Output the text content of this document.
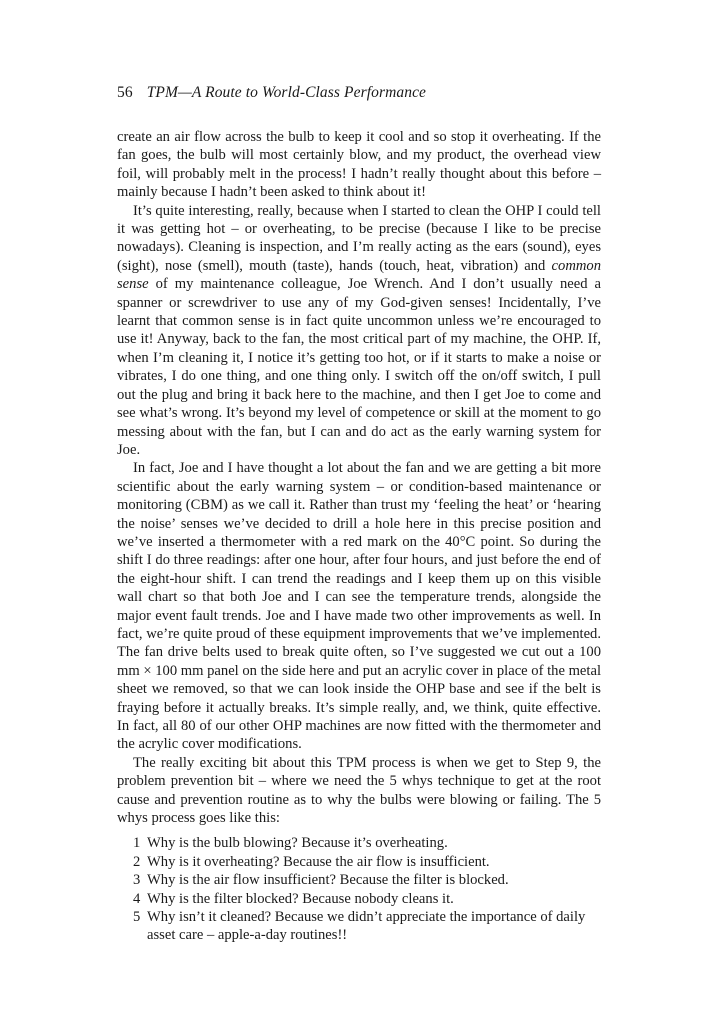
56 TPM—A Route to World-Class Performance

create an air flow across the bulb to keep it cool and so stop it overheating. If the fan goes, the bulb will most certainly blow, and my product, the overhead view foil, will probably melt in the process! I hadn’t really thought about this before – mainly because I hadn’t been asked to think about it!

It’s quite interesting, really, because when I started to clean the OHP I could tell it was getting hot – or overheating, to be precise (because I like to be precise nowadays). Cleaning is inspection, and I’m really acting as the ears (sound), eyes (sight), nose (smell), mouth (taste), hands (touch, heat, vibration) and common sense of my maintenance colleague, Joe Wrench. And I don’t usually need a spanner or screwdriver to use any of my God-given senses! Incidentally, I’ve learnt that common sense is in fact quite uncommon unless we’re encouraged to use it! Anyway, back to the fan, the most critical part of my machine, the OHP. If, when I’m cleaning it, I notice it’s getting too hot, or if it starts to make a noise or vibrates, I do one thing, and one thing only. I switch off the on/off switch, I pull out the plug and bring it back here to the machine, and then I get Joe to come and see what’s wrong. It’s beyond my level of competence or skill at the moment to go messing about with the fan, but I can and do act as the early warning system for Joe.

In fact, Joe and I have thought a lot about the fan and we are getting a bit more scientific about the early warning system – or condition-based maintenance or monitoring (CBM) as we call it. Rather than trust my ‘feeling the heat’ or ‘hearing the noise’ senses we’ve decided to drill a hole here in this precise position and we’ve inserted a thermometer with a red mark on the 40°C point. So during the shift I do three readings: after one hour, after four hours, and just before the end of the eight-hour shift. I can trend the readings and I keep them up on this visible wall chart so that both Joe and I can see the temperature trends, alongside the major event fault trends. Joe and I have made two other improvements as well. In fact, we’re quite proud of these equipment improvements that we’ve implemented. The fan drive belts used to break quite often, so I’ve suggested we cut out a 100 mm × 100 mm panel on the side here and put an acrylic cover in place of the metal sheet we removed, so that we can look inside the OHP base and see if the belt is fraying before it actually breaks. It’s simple really, and, we think, quite effective. In fact, all 80 of our other OHP machines are now fitted with the thermometer and the acrylic cover modifications.

The really exciting bit about this TPM process is when we get to Step 9, the problem prevention bit – where we need the 5 whys technique to get at the root cause and prevention routine as to why the bulbs were blowing or failing. The 5 whys process goes like this:

1 Why is the bulb blowing? Because it’s overheating.
2 Why is it overheating? Because the air flow is insufficient.
3 Why is the air flow insufficient? Because the filter is blocked.
4 Why is the filter blocked? Because nobody cleans it.
5 Why isn’t it cleaned? Because we didn’t appreciate the importance of daily asset care – apple-a-day routines!!
